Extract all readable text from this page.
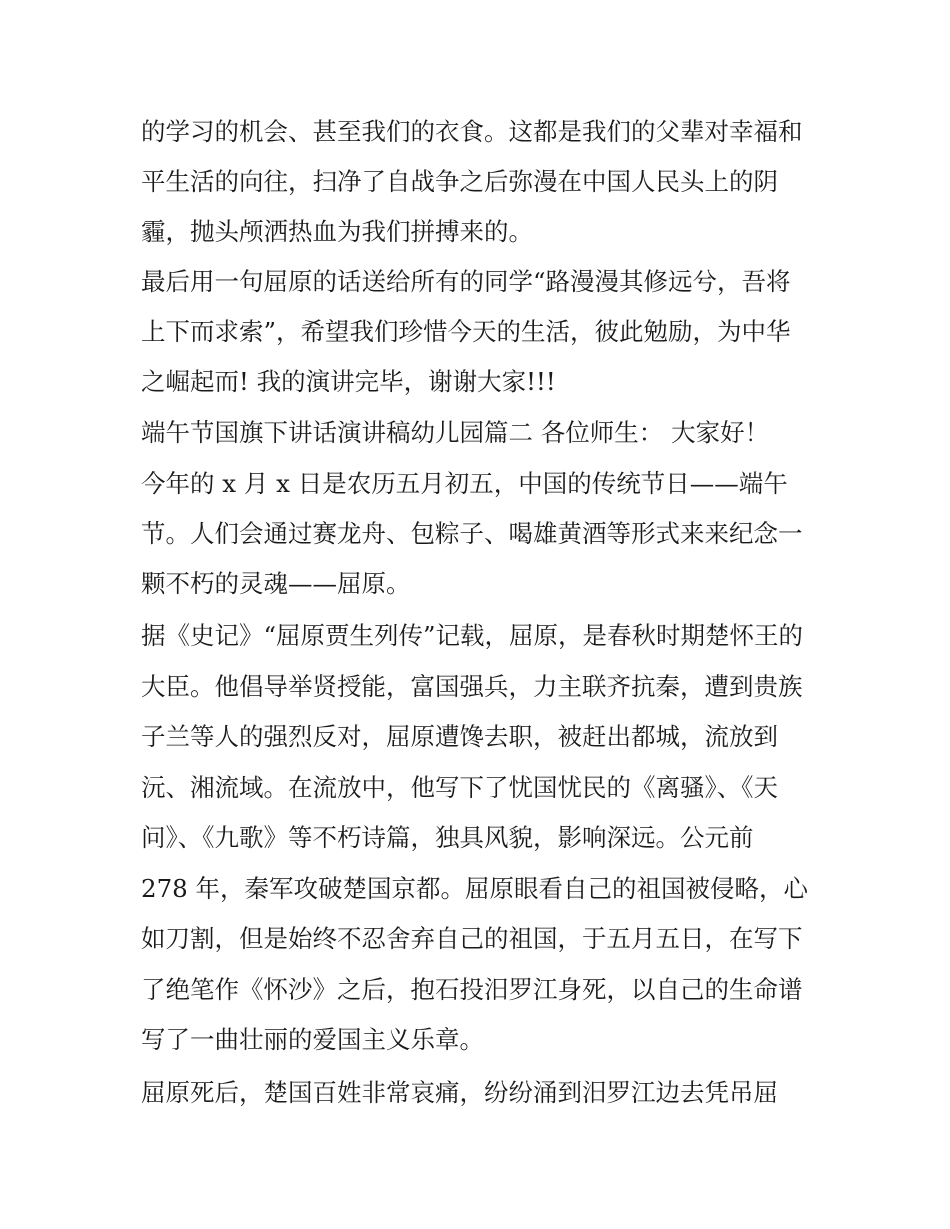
的学习的机会、甚至我们的衣食。这都是我们的父辈对幸福和
平生活的向往，扫净了自战争之后弥漫在中国人民头上的阴
霾，抛头颅洒热血为我们拼搏来的。
最后用一句屈原的话送给所有的同学“路漫漫其修远兮，吾将
上下而求索”，希望我们珍惜今天的生活，彼此勉励，为中华
之崛起而! 我的演讲完毕，谢谢大家!!!
端午节国旗下讲话演讲稿幼儿园篇二 各位师生： 大家好！
今年的 x 月 x 日是农历五月初五，中国的传统节日——端午
节。人们会通过赛龙舟、包粽子、喝雄黄酒等形式来来纪念一
颗不朽的灵魂——屈原。
据《史记》“屈原贾生列传”记载，屈原，是春秋时期楚怀王的
大臣。他倡导举贤授能，富国强兵，力主联齐抗秦，遭到贵族
子兰等人的强烈反对，屈原遭馋去职，被赶出都城，流放到
沅、湘流域。在流放中，他写下了忧国忧民的《离骚》、《天
问》、《九歌》等不朽诗篇，独具风貌，影响深远。公元前
278 年，秦军攻破楚国京都。屈原眼看自己的祖国被侵略，心
如刀割，但是始终不忍舍弃自己的祖国，于五月五日，在写下
了绝笔作《怀沙》之后，抱石投汨罗江身死，以自己的生命谱
写了一曲壮丽的爱国主义乐章。
屈原死后，楚国百姓非常哀痛，纷纷涌到汨罗江边去凭吊屈
